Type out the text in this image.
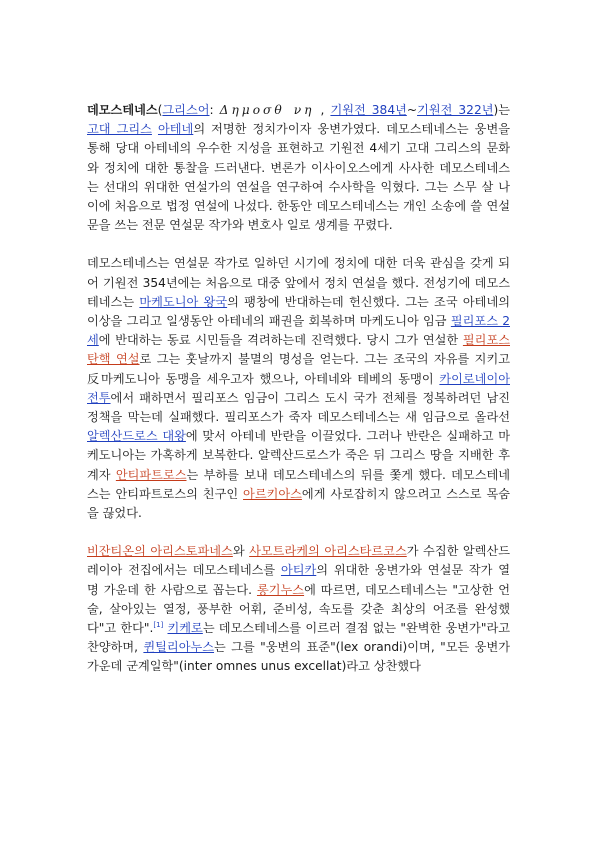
데모스테네스(그리스어: Δημοσθ νη , 기원전 384년~기원전 322년)는 고대 그리스 아테네의 저명한 정치가이자 웅변가였다. 데모스테네스는 웅변을 통해 당대 아테네의 우수한 지성을 표현하고 기원전 4세기 고대 그리스의 문화와 정치에 대한 통찰을 드러낸다. 변론가 이사이오스에게 사사한 데모스테네스는 선대의 위대한 연설가의 연설을 연구하여 수사학을 익혔다. 그는 스무 살 나이에 처음으로 법정 연설에 나섰다. 한동안 데모스테네스는 개인 소송에 쓸 연설문을 쓰는 전문 연설문 작가와 변호사 일로 생계를 꾸렸다.

데모스테네스는 연설문 작가로 일하던 시기에 정치에 대한 더욱 관심을 갖게 되어 기원전 354년에는 처음으로 대중 앞에서 정치 연설을 했다. 전성기에 데모스테네스는 마케도니아 왕국의 팽창에 반대하는데 헌신했다. 그는 조국 아테네의 이상을 그리고 일생동안 아테네의 패권을 회복하며 마케도니아 임금 필리포스 2세에 반대하는 동료 시민들을 격려하는데 진력했다. 당시 그가 연설한 필리포스 탄핵 연설로 그는 훗날까지 불멸의 명성을 얻는다. 그는 조국의 자유를 지키고 反마케도니아 동맹을 세우고자 했으나, 아테네와 테베의 동맹이 카이로네이아 전투에서 패하면서 필리포스 임금이 그리스 도시 국가 전체를 정복하려던 남진 정책을 막는데 실패했다. 필리포스가 죽자 데모스테네스는 새 임금으로 올라선 알렉산드로스 대왕에 맞서 아테네 반란을 이끌었다. 그러나 반란은 실패하고 마케도니아는 가혹하게 보복한다. 알렉산드로스가 죽은 뒤 그리스 땅을 지배한 후계자 안티파트로스는 부하를 보내 데모스테네스의 뒤를 쫓게 했다. 데모스테네스는 안티파트로스의 친구인 아르키아스에게 사로잡히지 않으려고 스스로 목숨을 끊었다.

비잔티온의 아리스토파네스와 사모트라케의 아리스타르코스가 수집한 알렉산드레이아 전집에서는 데모스테네스를 아티카의 위대한 웅변가와 연설문 작가 열 명 가운데 한 사람으로 꼽는다. 롱기누스에 따르면, 데모스테네스는 "고상한 언술, 살아있는 열정, 풍부한 어휘, 준비성, 속도를 갖춘 최상의 어조를 완성했다"고 한다".[1] 키케로는 데모스테네스를 이르러 결점 없는 "완벽한 웅변가"라고 찬양하며, 퀸틸리아누스는 그를 "웅변의 표준"(lex orandi)이며, "모든 웅변가 가운데 군계일학"(inter omnes unus excellat)라고 상찬했다
